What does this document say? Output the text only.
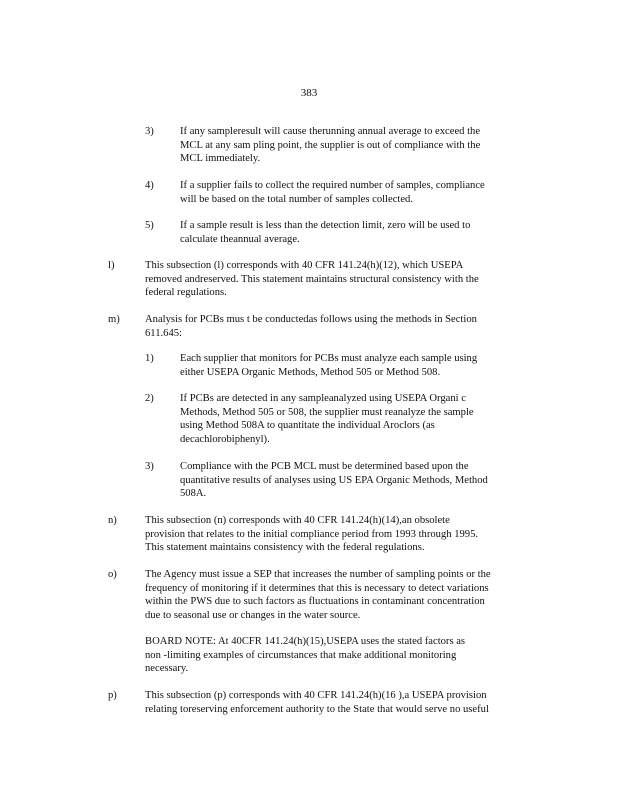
383
3) If any sampleresult will cause therunning annual average to exceed the
MCL at any sam pling point, the supplier is out of compliance with the
MCL immediately.
4) If a supplier fails to collect the required number of samples, compliance
will be based on the total number of samples collected.
5) If a sample result is less than the detection limit, zero will be used to
calculate theannual average.
l)	This subsection (l) corresponds with 40 CFR 141.24(h)(12), which USEPA
removed andreserved. This statement maintains structural consistency with the
federal regulations.
m) Analysis for PCBs mus t be conductedas follows using the methods in Section
611.645:
1) Each supplier that monitors for PCBs must analyze each sample using
either USEPA Organic Methods, Method 505 or Method 508.
2) If PCBs are detected in any sampleanalyzed using USEPA Organi c
Methods, Method 505 or 508, the supplier must reanalyze the sample
using Method 508A to quantitate the individual Aroclors (as
decachlorobiphenyl).
3) Compliance with the PCB MCL must be determined based upon the
quantitative results of analyses using US EPA Organic Methods, Method
508A.
n)	This subsection (n) corresponds with 40 CFR 141.24(h)(14),an obsolete
provision that relates to the initial compliance period from 1993 through 1995.
This statement maintains consistency with the federal regulations.
o)	The Agency must issue a SEP that increases the number of sampling points or the
frequency of monitoring if it determines that this is necessary to detect variations
within the PWS due to such factors as fluctuations in contaminant concentration
due to seasonal use or changes in the water source.
BOARD NOTE: At 40CFR 141.24(h)(15),USEPA uses the stated factors as
non -limiting examples of circumstances that make additional monitoring
necessary.
p)	This subsection (p) corresponds with 40 CFR 141.24(h)(16 ),a USEPA provision
relating toreserving enforcement authority to the State that would serve no useful
